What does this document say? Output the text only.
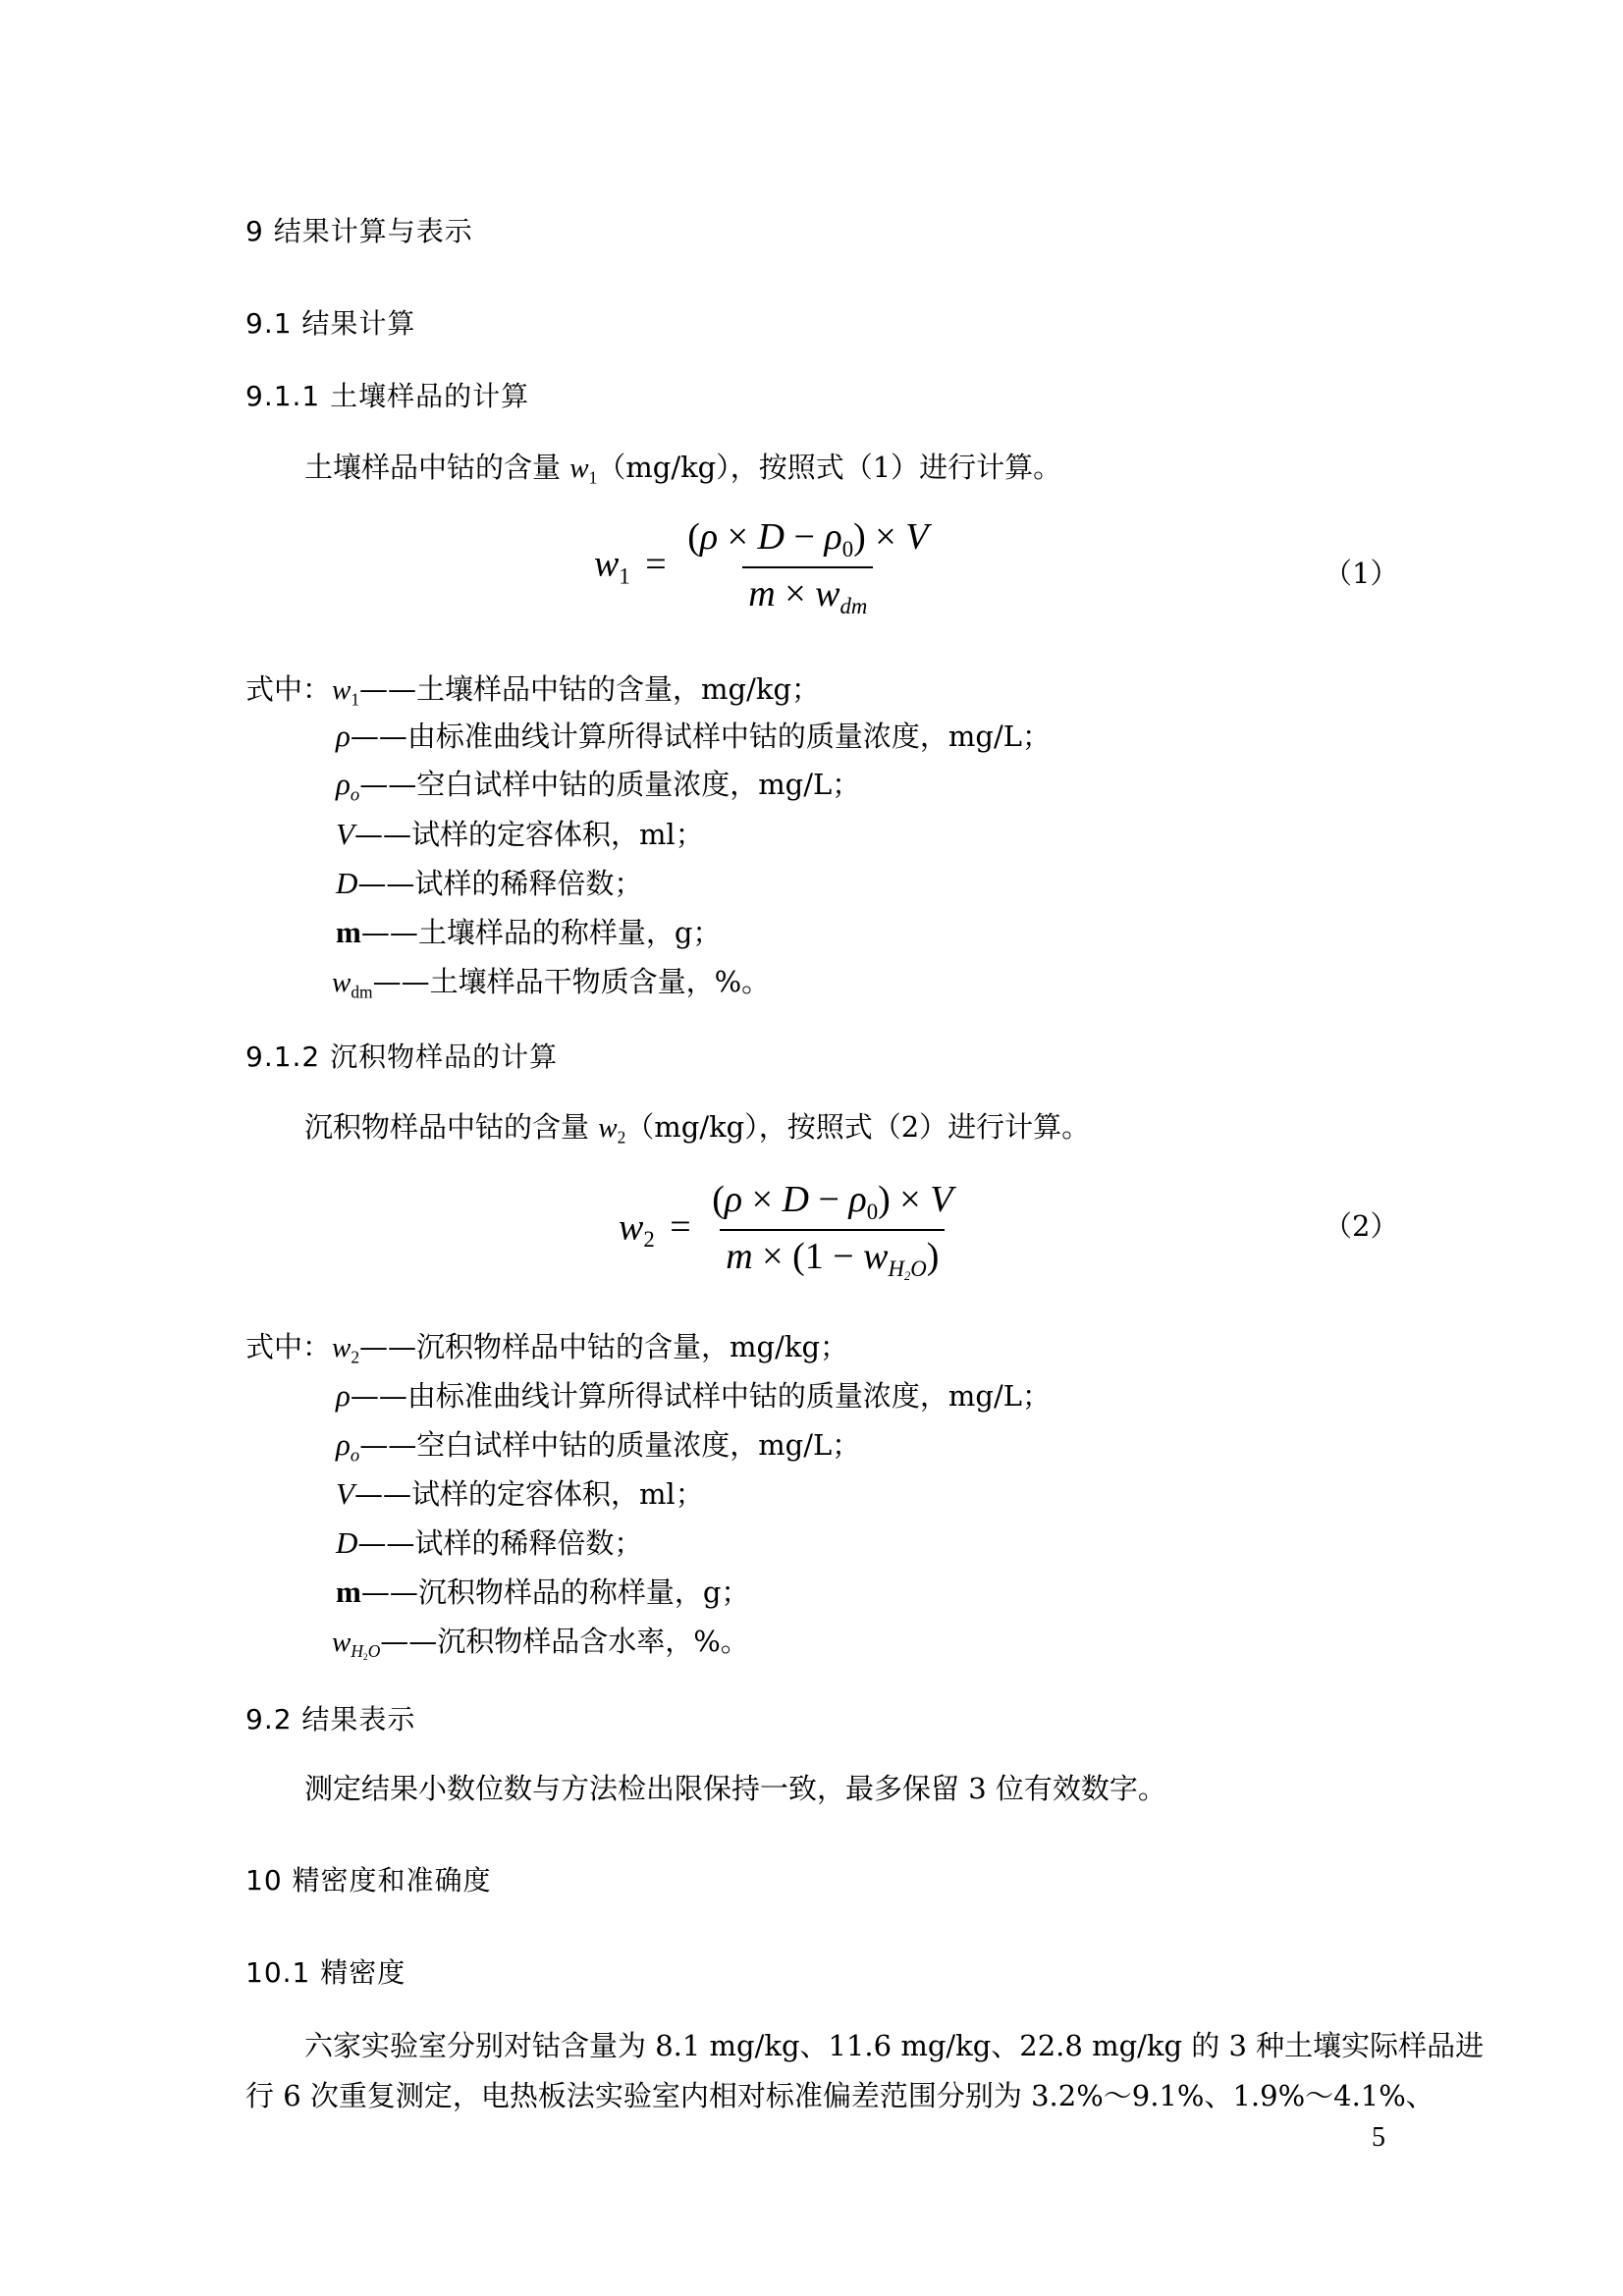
9 结果计算与表示
9.1 结果计算
9.1.1 土壤样品的计算
土壤样品中钴的含量 $w_1(mg/kg)$，按照式（1）进行计算。
$w_1 = \frac{(\rho \times D - \rho_0) \times V}{m \times w_{dm}}$	（1）
式中： $w_1——$土壤样品中钴的含量，mg/kg；
ρ——由标准曲线计算所得试样中钴的质量浓度，mg/L；
$\rho_o——$空白试样中钴的质量浓度，mg/L；
V——试样的定容体积，ml；
D——试样的稀释倍数；
m——土壤样品的称样量，g；
$w_{dm}——$土壤样品干物质含量，%。
9.1.2 沉积物样品的计算
沉积物样品中钴的含量 $w_2(mg/kg)$，按照式（2）进行计算。
$w_2 = \frac{(\rho \times D - \rho_0) \times V}{m \times (1 - w_{H2O})}$	（2）
式中： $w_2——$沉积物样品中钴的含量，mg/kg；
ρ——由标准曲线计算所得试样中钴的质量浓度，mg/L；
$\rho_o——$空白试样中钴的质量浓度，mg/L；
V——试样的定容体积，ml；
D——试样的稀释倍数；
m——沉积物样品的称样量，g；
$w_{H2O}——$沉积物样品含水率，%。
9.2 结果表示
测定结果小数位数与方法检出限保持一致，最多保留 3 位有效数字。
10 精密度和准确度
10.1 精密度
六家实验室分别对钴含量为 8.1 mg/kg、11.6 mg/kg、22.8 mg/kg 的 3 种土壤实际样品进
行 6 次重复测定，电热板法实验室内相对标准偏差范围分别为 3.2%～9.1%、1.9%～4.1%、
5
